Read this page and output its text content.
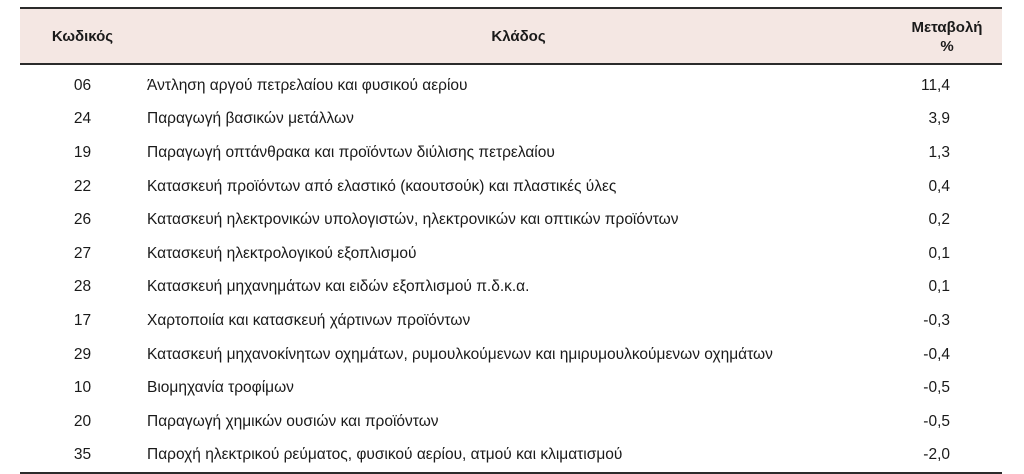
Κωδικός	Κλάδος	Μεταβολή
%

06	Άντληση αργού πετρελαίου και φυσικού αερίου	11,4
24	Παραγωγή βασικών μετάλλων	3,9
19	Παραγωγή οπτάνθρακα και προϊόντων διύλισης πετρελαίου	1,3
22	Κατασκευή προϊόντων από ελαστικό (καουτσούκ) και πλαστικές ύλες	0,4
26	Κατασκευή ηλεκτρονικών υπολογιστών, ηλεκτρονικών και οπτικών προϊόντων	0,2
27	Κατασκευή ηλεκτρολογικού εξοπλισμού	0,1
28	Κατασκευή μηχανημάτων και ειδών εξοπλισμού π.δ.κ.α.	0,1
17	Χαρτοποιία και κατασκευή χάρτινων προϊόντων	-0,3
29	Κατασκευή μηχανοκίνητων οχημάτων, ρυμουλκούμενων και ημιρυμουλκούμενων οχημάτων	-0,4
10	Βιομηχανία τροφίμων	-0,5
20	Παραγωγή χημικών ουσιών και προϊόντων	-0,5
35	Παροχή ηλεκτρικού ρεύματος, φυσικού αερίου, ατμού και κλιματισμού	-2,0
